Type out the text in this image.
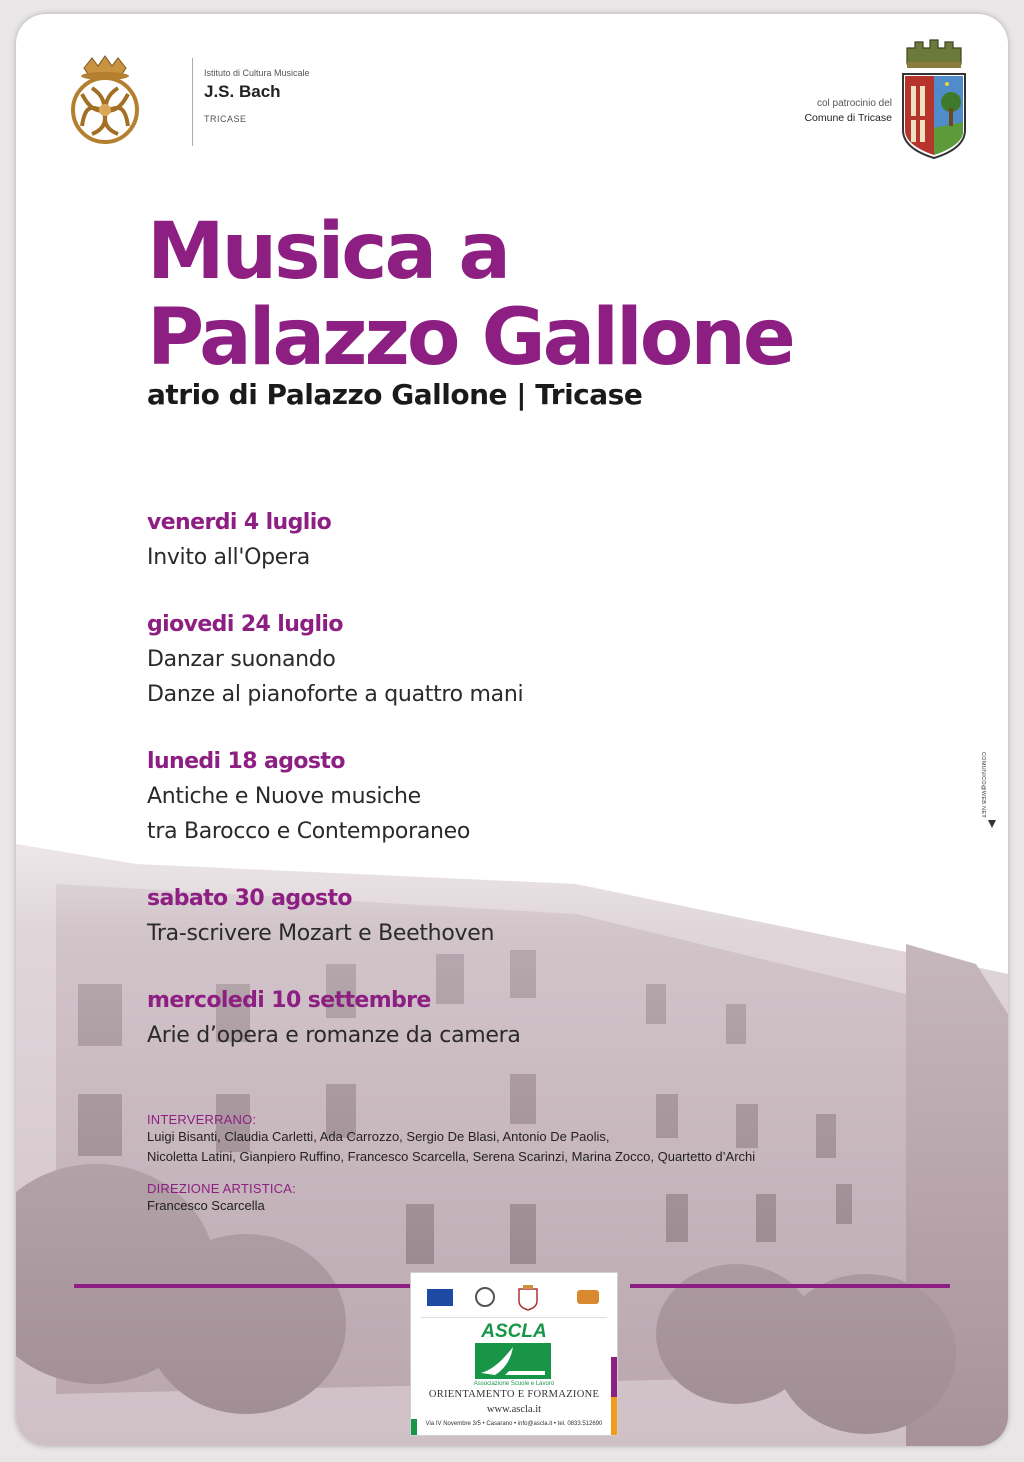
Istituto di Cultura Musicale
J.S. Bach
TRICASE
col patrocinio del
Comune di Tricase
Musica a
Palazzo Gallone
atrio di Palazzo Gallone | Tricase
venerdi 4 luglio
Invito all'Opera
giovedi 24 luglio
Danzar suonando
Danze al pianoforte a quattro mani
lunedi 18 agosto
Antiche e Nuove musiche
tra Barocco e Contemporaneo
sabato 30 agosto
Tra-scrivere Mozart e Beethoven
mercoledi 10 settembre
Arie d’opera e romanze da camera
INTERVERRANO:
Luigi Bisanti, Claudia Carletti, Ada Carrozzo, Sergio De Blasi, Antonio De Paolis,
Nicoletta Latini, Gianpiero Ruffino, Francesco Scarcella, Serena Scarinzi, Marina Zocco, Quartetto d’Archi
DIREZIONE ARTISTICA:
Francesco Scarcella
ASCLA
Associazione Scuole e Lavoro
ORIENTAMENTO E FORMAZIONE
www.ascla.it
Via IV Novembre 3/5 • Casarano • info@ascla.it • tel. 0833.512690
COMUNICO@WEB.NET
